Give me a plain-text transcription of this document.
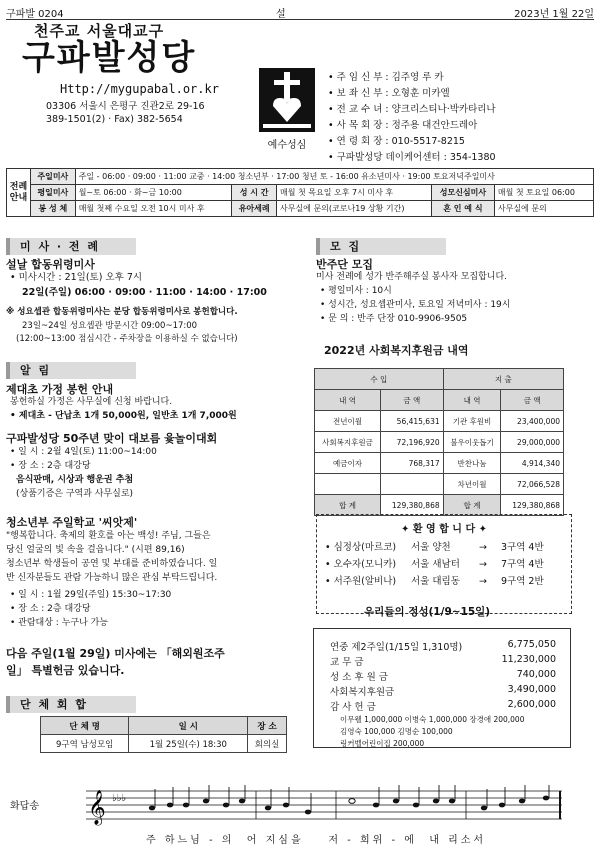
구파발 0204	설	2023년 1월 22일
천주교 서울대교구
구파발성당
Http://mygupabal.or.kr
03306 서울시 은평구 진관2로 29-16
389-1501(2) · Fax) 382-5654
예수성심
• 주 임 신 부 : 김주영 루 카
• 보 좌 신 부 : 오형훈 미카엘
• 전 교 수 녀 : 양크리스티나·박카타리나
• 사 목 회 장 : 정주용 대건안드레아
• 연 령 회 장 : 010-5517-8215
• 구파발성당 데이케어센터 : 354-1380
전례안내	주일미사	주일 - 06:00 · 09:00 · 11:00 교중 · 14:00 청소년부 · 17:00 청년 토 - 16:00 유소년미사 · 19:00 토요저녁주일미사				
	평일미사	월~토 06:00 · 화~금 10:00	성 시 간	매월 첫 목요일 오후 7시 미사 후	성모신심미사	매월 첫 토요일 06:00
	봉 성 체	매월 첫째 수요일 오전 10시 미사 후	유아세례	사무실에 문의(코로나19 상황 기간)	혼 인 예 식	사무실에 문의
미 사 · 전 례
설날 합동위령미사
• 미사시간 : 21일(토) 오후 7시
22일(주일) 06:00 · 09:00 · 11:00 · 14:00 · 17:00
※ 성요셉관 합동위령미사는 분당 합동위령미사로 봉헌합니다.
23일~24일 성요셉관 방문시간 09:00~17:00
(12:00~13:00 점심시간 - 주차장을 이용하실 수 없습니다)
알 림
제대초 가정 봉헌 안내
봉헌하실 가정은 사무실에 신청 바랍니다.
• 제대초 - 단납초 1개 50,000원, 일반초 1개 7,000원
구파발성당 50주년 맞이 대보름 윷놀이대회
• 일 시 : 2월 4일(토) 11:00~14:00
• 장 소 : 2층 대강당
음식판매, 시상과 행운권 추첨
(상품기증은 구역과 사무실로)
청소년부 주일학교 '씨앗제'
"행복합니다. 축제의 환호를 아는 백성! 주님, 그들은
당신 얼굴의 빛 속을 걸읍니다." (시편 89,16)
청소년부 학생들이 공연 및 부대를 준비하였습니다. 일
반 신자분들도 관람 가능하니 많은 관심 부탁드립니다.
• 일 시 : 1월 29일(주일) 15:30~17:30
• 장 소 : 2층 대강당
• 관람대상 : 누구나 가능
다음 주일(1월 29일) 미사에는 「해외원조주
일」 특별헌금 있습니다.
단 체 회 합
단 체 명	일 시	장 소
9구역 남성모임	1월 25일(수) 18:30	회의실
모 집
반주단 모집
미사 전례에 성가 반주해주실 봉사자 모집합니다.
• 평일미사 : 10시
• 성시간, 성요셉관미사, 토요일 저녁미사 : 19시
• 문 의 : 반주 단장 010-9906-9505
2022년 사회복지후원금 내역
수 입		지 출	
내 역	금 액	내 역	금 액
전년이월	56,415,631	기관 후원비	23,400,000
사회복지후원금	72,196,920	불우이웃돕기	29,000,000
예금이자	768,317	반찬나눔	4,914,340
		차년이월	72,066,528
합 계	129,380,868	합 계	129,380,868
✦ 환 영 합 니 다 ✦
• 심정상(마르코) 서울 양천	→ 3구역 4반
• 오수자(모니카) 서울 새남터 → 7구역 4반
• 서주원(알비나) 서울 대림동 → 9구역 2반
우리들의 정성(1/9~15일)
연중 제2주일(1/15일 1,310명)	6,775,050
교 무 금	11,230,000
성 소 후 원 금	740,000
사회복지후원금	3,490,000
감 사 헌 금	2,600,000
이무웰 1,000,000 이병숙 1,000,000 장경애 200,000
김영숙 100,000 김명순 100,000
링커벨어린이집 200,000
화답송 𝄞 ♭♭♭
주 하느님 - 의  어 지심을    저 - 희위 - 에  내 리소서
